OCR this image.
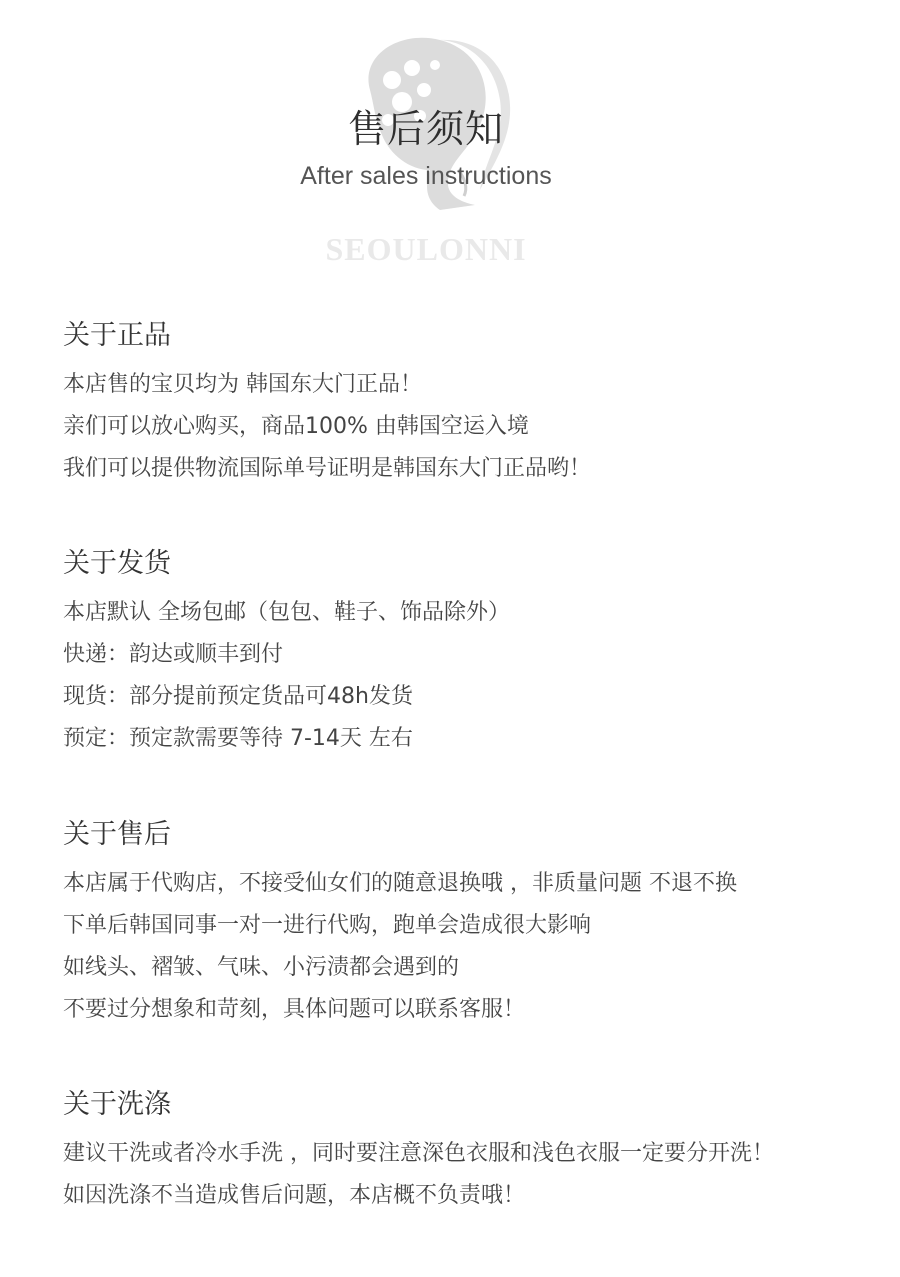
售后须知
After sales instructions
SEOULONNI
关于正品
本店售的宝贝均为 韩国东大门正品！
亲们可以放心购买，商品100% 由韩国空运入境
我们可以提供物流国际单号证明是韩国东大门正品哟！
关于发货
本店默认 全场包邮（包包、鞋子、饰品除外）
快递：韵达或顺丰到付
现货：部分提前预定货品可48h发货
预定：预定款需要等待 7-14天 左右
关于售后
本店属于代购店，不接受仙女们的随意退换哦 ，非质量问题 不退不换
下单后韩国同事一对一进行代购，跑单会造成很大影响
如线头、褶皱、气味、小污渍都会遇到的
不要过分想象和苛刻，具体问题可以联系客服！
关于洗涤
建议干洗或者冷水手洗 ，同时要注意深色衣服和浅色衣服一定要分开洗！
如因洗涤不当造成售后问题，本店概不负责哦！
